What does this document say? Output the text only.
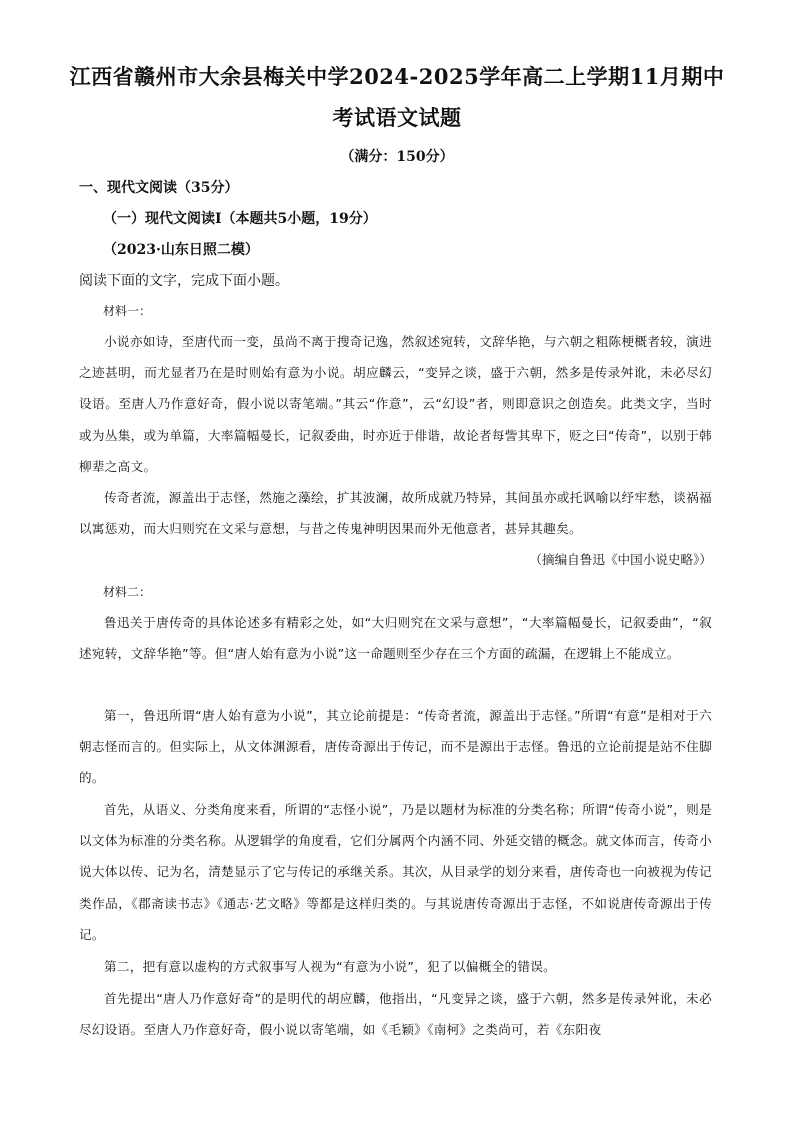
江西省赣州市大余县梅关中学2024-2025学年高二上学期11月期中
考试语文试题
（满分：150分）
一、现代文阅读（35分）
（一）现代文阅读Ⅰ（本题共5小题，19分）
（2023·山东日照二模）
阅读下面的文字，完成下面小题。
材料一：
小说亦如诗，至唐代而一变，虽尚不离于搜奇记逸，然叙述宛转，文辞华艳，与六朝之粗陈梗概者较，演进之迹甚明，而尤显者乃在是时则始有意为小说。胡应麟云，“变异之谈，盛于六朝，然多是传录舛讹，未必尽幻设语。至唐人乃作意好奇，假小说以寄笔端。”其云“作意”，云“幻设”者，则即意识之创造矣。此类文字，当时或为丛集，或为单篇，大率篇幅曼长，记叙委曲，时亦近于俳谐，故论者每訾其卑下，贬之曰“传奇”，以别于韩柳辈之高文。
传奇者流，源盖出于志怪，然施之藻绘，扩其波澜，故所成就乃特异，其间虽亦或托讽喻以纾牢愁，谈祸福以寓惩劝，而大归则究在文采与意想，与昔之传鬼神明因果而外无他意者，甚异其趣矣。
（摘编自鲁迅《中国小说史略》）
材料二：
鲁迅关于唐传奇的具体论述多有精彩之处，如“大归则究在文采与意想”，“大率篇幅曼长，记叙委曲”，“叙述宛转，文辞华艳”等。但“唐人始有意为小说”这一命题则至少存在三个方面的疏漏，在逻辑上不能成立。
第一，鲁迅所谓“唐人始有意为小说”，其立论前提是：“传奇者流，源盖出于志怪。”所谓“有意”是相对于六朝志怪而言的。但实际上，从文体渊源看，唐传奇源出于传记，而不是源出于志怪。鲁迅的立论前提是站不住脚的。
首先，从语义、分类角度来看，所谓的“志怪小说”，乃是以题材为标准的分类名称；所谓“传奇小说”，则是以文体为标准的分类名称。从逻辑学的角度看，它们分属两个内涵不同、外延交错的概念。就文体而言，传奇小说大体以传、记为名，清楚显示了它与传记的承继关系。其次，从目录学的划分来看，唐传奇也一向被视为传记类作品，《郡斋读书志》《通志·艺文略》等都是这样归类的。与其说唐传奇源出于志怪，不如说唐传奇源出于传记。
第二，把有意以虚构的方式叙事写人视为“有意为小说”，犯了以偏概全的错误。
首先提出“唐人乃作意好奇”的是明代的胡应麟，他指出，“凡变异之谈，盛于六朝，然多是传录舛讹，未必尽幻设语。至唐人乃作意好奇，假小说以寄笔端，如《毛颖》《南柯》之类尚可，若《东阳夜
